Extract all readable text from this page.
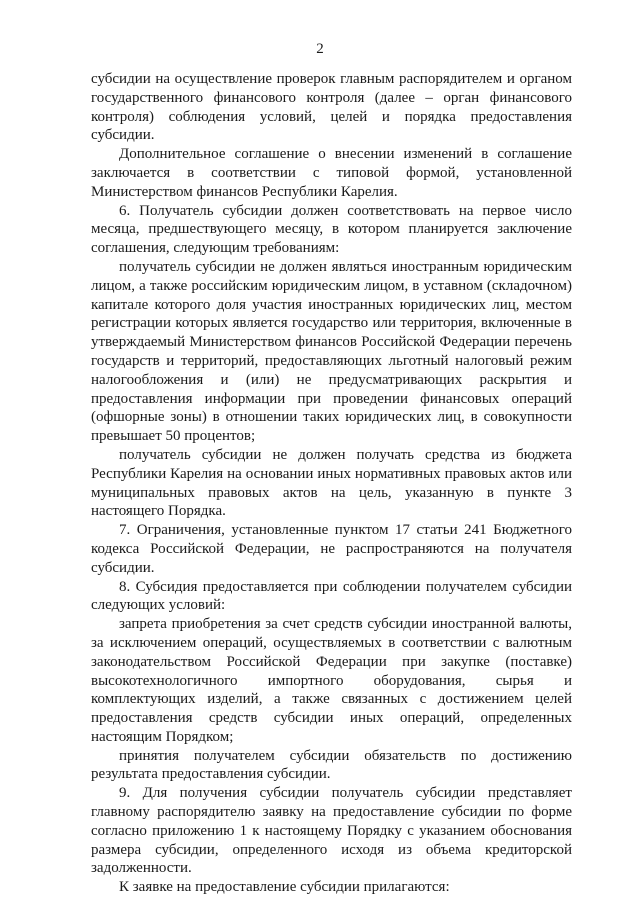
2

субсидии на осуществление проверок главным распорядителем и органом государственного финансового контроля (далее – орган финансового контроля) соблюдения условий, целей и порядка предоставления субсидии.

Дополнительное соглашение о внесении изменений в соглашение заключается в соответствии с типовой формой, установленной Министерством финансов Республики Карелия.

6. Получатель субсидии должен соответствовать на первое число месяца, предшествующего месяцу, в котором планируется заключение соглашения, следующим требованиям:

получатель субсидии не должен являться иностранным юридическим лицом, а также российским юридическим лицом, в уставном (складочном) капитале которого доля участия иностранных юридических лиц, местом регистрации которых является государство или территория, включенные в утверждаемый Министерством финансов Российской Федерации перечень государств и территорий, предоставляющих льготный налоговый режим налогообложения и (или) не предусматривающих раскрытия и предоставления информации при проведении финансовых операций (офшорные зоны) в отношении таких юридических лиц, в совокупности превышает 50 процентов;

получатель субсидии не должен получать средства из бюджета Республики Карелия на основании иных нормативных правовых актов или муниципальных правовых актов на цель, указанную в пункте 3 настоящего Порядка.

7. Ограничения, установленные пунктом 17 статьи 241 Бюджетного кодекса Российской Федерации, не распространяются на получателя субсидии.

8. Субсидия предоставляется при соблюдении получателем субсидии следующих условий:

запрета приобретения за счет средств субсидии иностранной валюты, за исключением операций, осуществляемых в соответствии с валютным законодательством Российской Федерации при закупке (поставке) высокотехнологичного импортного оборудования, сырья и комплектующих изделий, а также связанных с достижением целей предоставления средств субсидии иных операций, определенных настоящим Порядком;

принятия получателем субсидии обязательств по достижению результата предоставления субсидии.

9. Для получения субсидии получатель субсидии представляет главному распорядителю заявку на предоставление субсидии по форме согласно приложению 1 к настоящему Порядку с указанием обоснования размера субсидии, определенного исходя из объема кредиторской задолженности.

К заявке на предоставление субсидии прилагаются:
